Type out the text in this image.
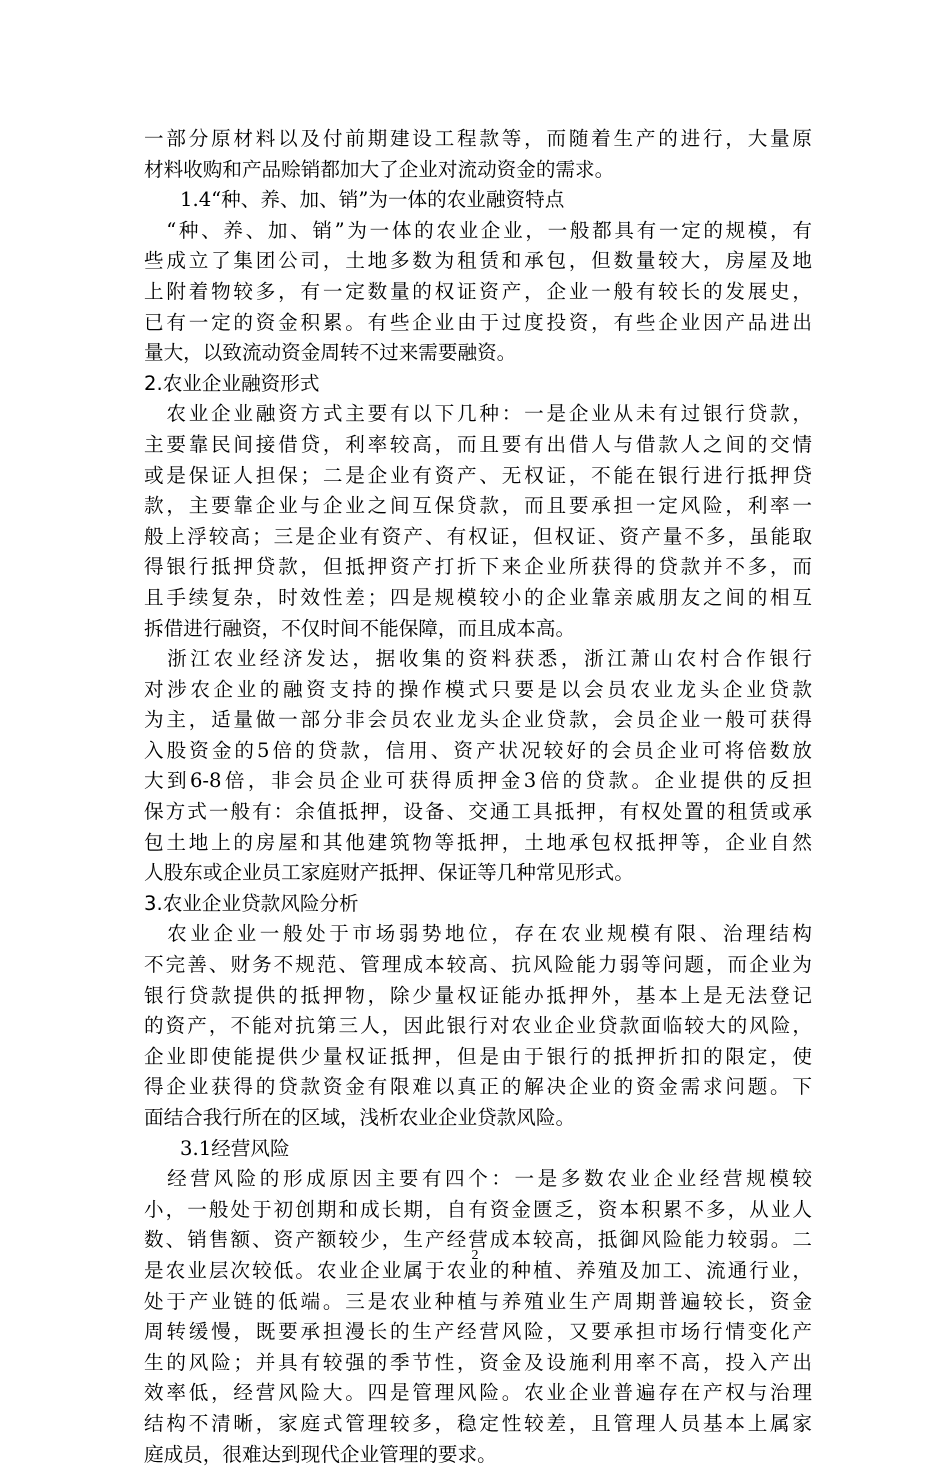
一部分原材料以及付前期建设工程款等，而随着生产的进行，大量原
材料收购和产品赊销都加大了企业对流动资金的需求。
1.4“种、养、加、销”为一体的农业融资特点
　“种、养、加、销”为一体的农业企业，一般都具有一定的规模，有
些成立了集团公司，土地多数为租赁和承包，但数量较大，房屋及地
上附着物较多，有一定数量的权证资产，企业一般有较长的发展史，
已有一定的资金积累。有些企业由于过度投资，有些企业因产品进出
量大，以致流动资金周转不过来需要融资。
2.农业企业融资形式
　农业企业融资方式主要有以下几种：一是企业从未有过银行贷款，
主要靠民间接借贷，利率较高，而且要有出借人与借款人之间的交情
或是保证人担保；二是企业有资产、无权证，不能在银行进行抵押贷
款，主要靠企业与企业之间互保贷款，而且要承担一定风险，利率一
般上浮较高；三是企业有资产、有权证，但权证、资产量不多，虽能取
得银行抵押贷款，但抵押资产打折下来企业所获得的贷款并不多，而
且手续复杂，时效性差；四是规模较小的企业靠亲戚朋友之间的相互
拆借进行融资，不仅时间不能保障，而且成本高。
　浙江农业经济发达，据收集的资料获悉，浙江萧山农村合作银行
对涉农企业的融资支持的操作模式只要是以会员农业龙头企业贷款
为主，适量做一部分非会员农业龙头企业贷款，会员企业一般可获得
入股资金的5倍的贷款，信用、资产状况较好的会员企业可将倍数放
大到6-8倍，非会员企业可获得质押金3倍的贷款。企业提供的反担
保方式一般有：余值抵押，设备、交通工具抵押，有权处置的租赁或承
包土地上的房屋和其他建筑物等抵押，土地承包权抵押等，企业自然
人股东或企业员工家庭财产抵押、保证等几种常见形式。
3.农业企业贷款风险分析
　农业企业一般处于市场弱势地位，存在农业规模有限、治理结构
不完善、财务不规范、管理成本较高、抗风险能力弱等问题，而企业为
银行贷款提供的抵押物，除少量权证能办抵押外，基本上是无法登记
的资产，不能对抗第三人，因此银行对农业企业贷款面临较大的风险，
企业即使能提供少量权证抵押，但是由于银行的抵押折扣的限定，使
得企业获得的贷款资金有限难以真正的解决企业的资金需求问题。下
面结合我行所在的区域，浅析农业企业贷款风险。
3.1经营风险
　经营风险的形成原因主要有四个：一是多数农业企业经营规模较
小，一般处于初创期和成长期，自有资金匮乏，资本积累不多，从业人
数、销售额、资产额较少，生产经营成本较高，抵御风险能力较弱。二
是农业层次较低。农业企业属于农业的种植、养殖及加工、流通行业，
处于产业链的低端。三是农业种植与养殖业生产周期普遍较长，资金
周转缓慢，既要承担漫长的生产经营风险，又要承担市场行情变化产
生的风险；并具有较强的季节性，资金及设施利用率不高，投入产出
效率低，经营风险大。四是管理风险。农业企业普遍存在产权与治理
结构不清晰，家庭式管理较多，稳定性较差，且管理人员基本上属家
庭成员，很难达到现代企业管理的要求。
2
